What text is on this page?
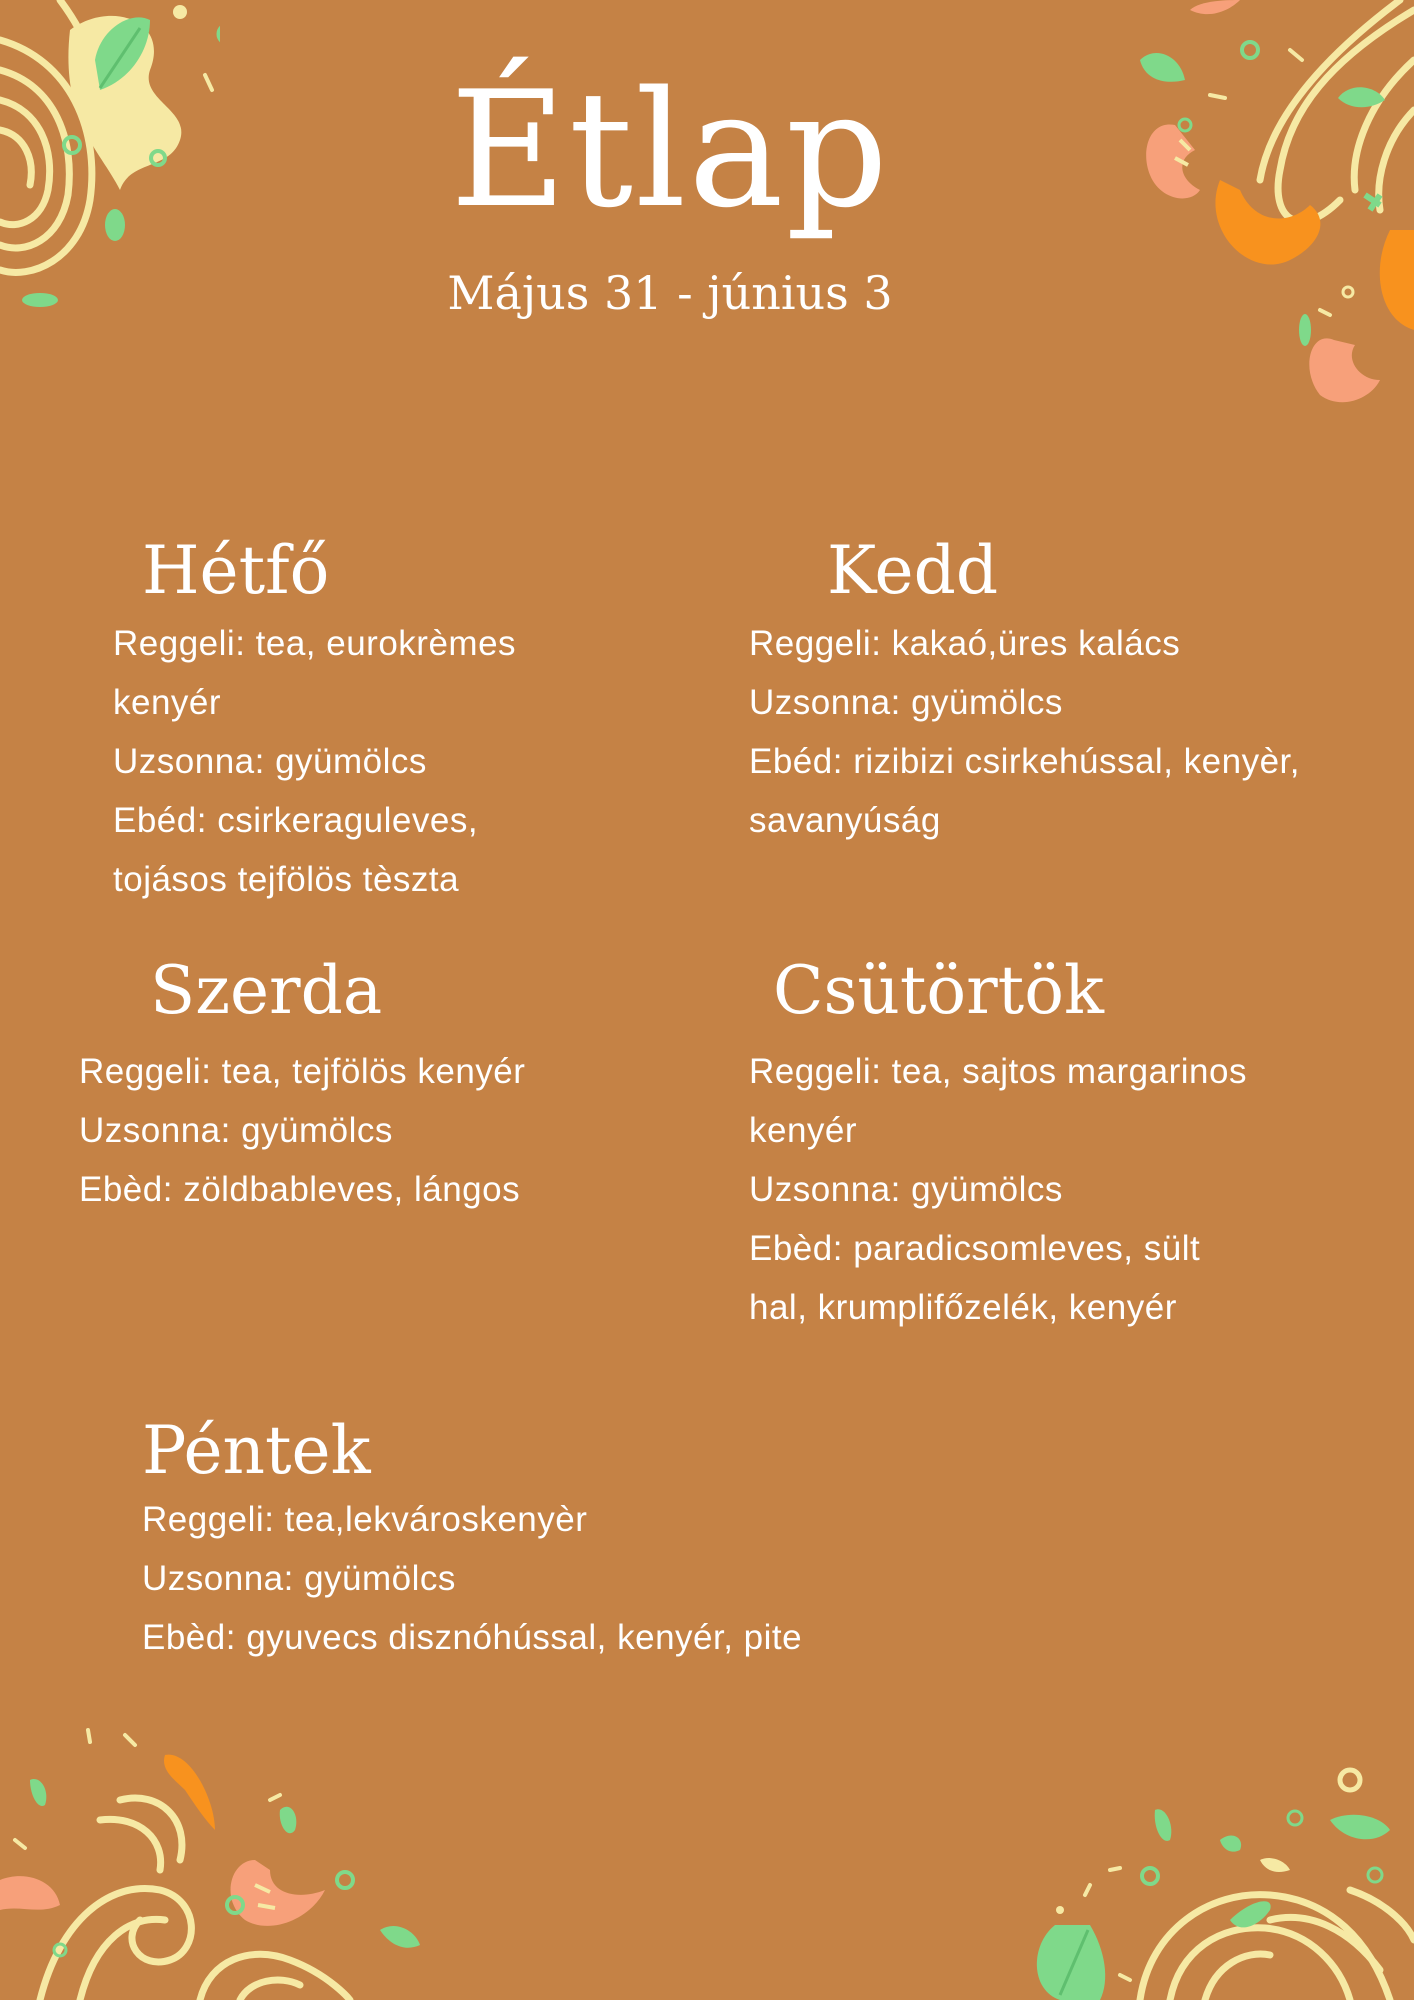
Étlap
Május 31 - június 3
Hétfő
Reggeli: tea, eurokrèmes
kenyér
Uzsonna: gyümölcs
Ebéd: csirkeraguleves,
tojásos tejfölös tèszta
Kedd
Reggeli: kakaó,üres kalács
Uzsonna: gyümölcs
Ebéd: rizibizi csirkehússal, kenyèr,
savanyúság
Szerda
Reggeli: tea, tejfölös kenyér
Uzsonna: gyümölcs
Ebèd: zöldbableves, lángos
Csütörtök
Reggeli: tea, sajtos margarinos
kenyér
Uzsonna: gyümölcs
Ebèd: paradicsomleves, sült
hal, krumplifőzelék, kenyér
Péntek
Reggeli: tea,lekvároskenyèr
Uzsonna: gyümölcs
Ebèd: gyuvecs disznóhússal, kenyér, pite
